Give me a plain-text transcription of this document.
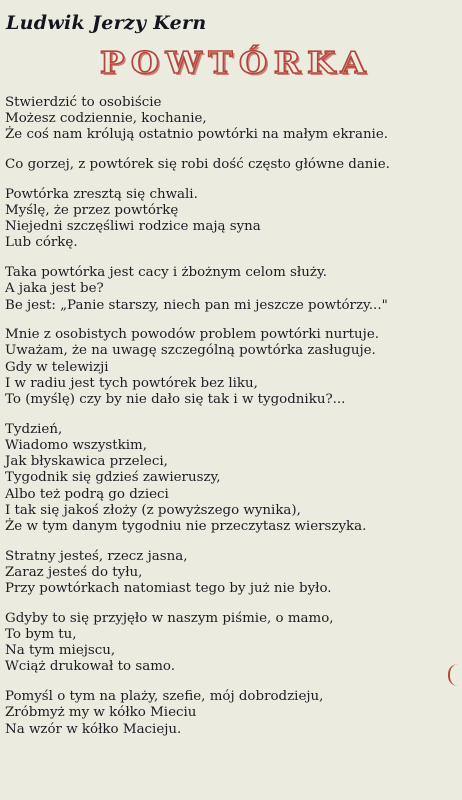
Ludwik Jerzy Kern
POWTÓRKA
Stwierdzić to osobiście
Możesz codziennie, kochanie,
Że coś nam królują ostatnio powtórki na małym ekranie.
Co gorzej, z powtórek się robi dość często główne danie.
Powtórka zresztą się chwali.
Myślę, że przez powtórkę
Niejedni szczęśliwi rodzice mają syna
Lub córkę.
Taka powtórka jest cacy i żbożnym celom służy.
A jaka jest be?
Be jest: „Panie starszy, niech pan mi jeszcze powtórzy..."
Mnie z osobistych powodów problem powtórki nurtuje.
Uważam, że na uwagę szczególną powtórka zasługuje.
Gdy w telewizji
I w radiu jest tych powtórek bez liku,
To (myślę) czy by nie dało się tak i w tygodniku?...
Tydzień,
Wiadomo wszystkim,
Jak błyskawica przeleci,
Tygodnik się gdzieś zawieruszy,
Albo też podrą go dzieci
I tak się jakoś złoży (z powyższego wynika),
Że w tym danym tygodniu nie przeczytasz wierszyka.
Stratny jesteś, rzecz jasna,
Zaraz jesteś do tyłu,
Przy powtórkach natomiast tego by już nie było.
Gdyby to się przyjęło w naszym piśmie, o mamo,
To bym tu,
Na tym miejscu,
Wciąż drukował to samo.
Pomyśl o tym na plaży, szefie, mój dobrodzieju,
Zróbmyż my w kółko Mieciu
Na wzór w kółko Macieju.
